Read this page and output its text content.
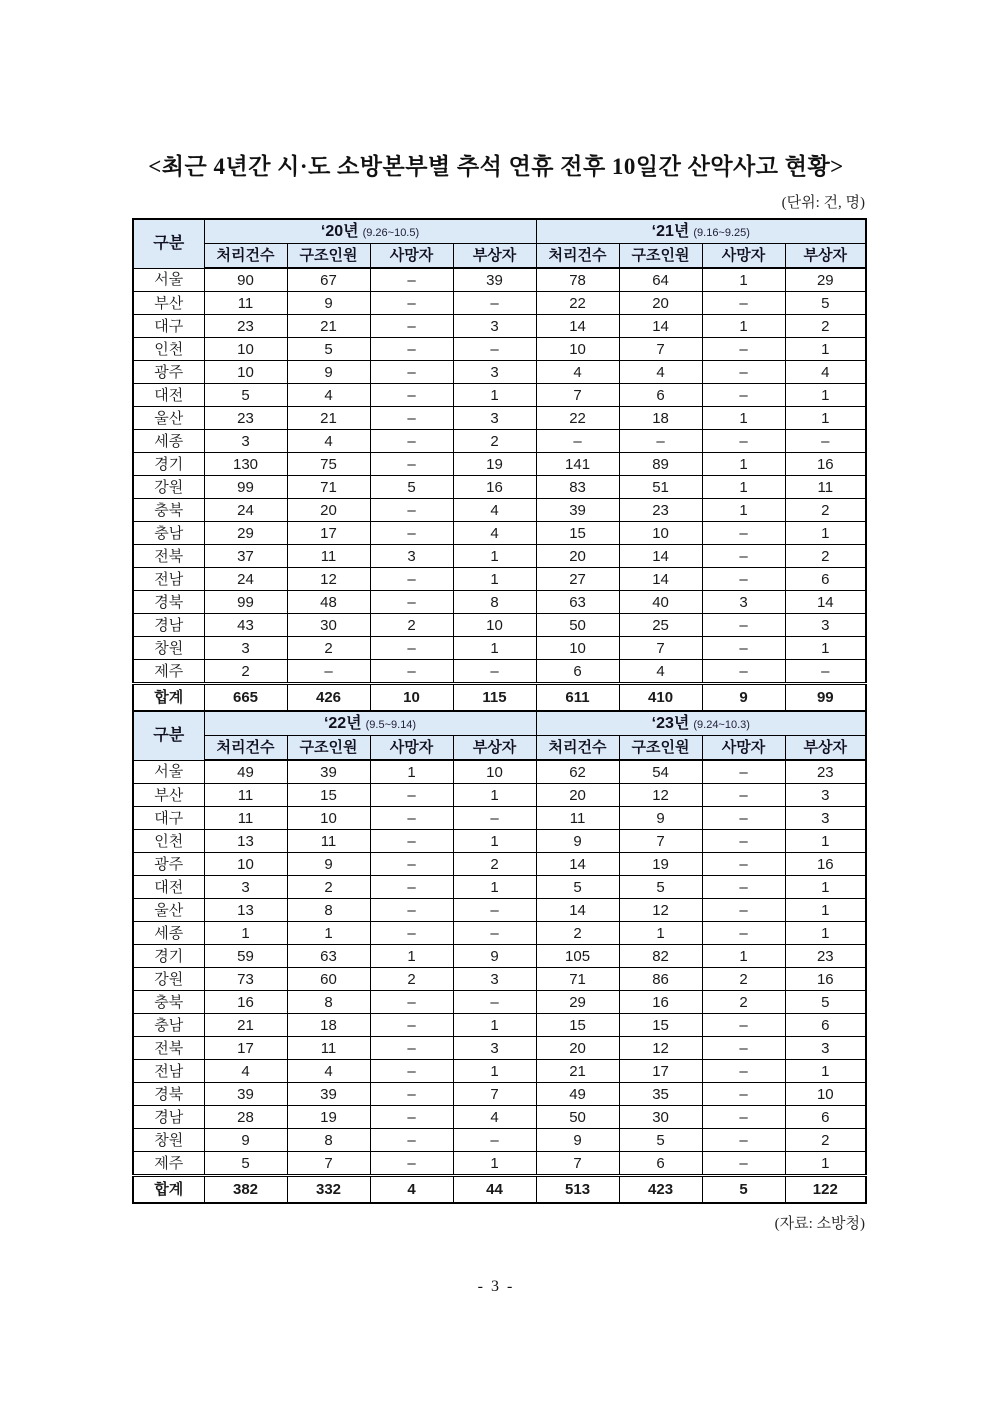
<최근 4년간 시·도 소방본부별 추석 연휴 전후 10일간 산악사고 현황>
(단위: 건, 명)
구분	‘20년 (9.26~10.5)				‘21년 (9.16~9.25)			
	처리건수	구조인원	사망자	부상자	처리건수	구조인원	사망자	부상자
서울	90	67	–	39	78	64	1	29
부산	11	9	–	–	22	20	–	5
대구	23	21	–	3	14	14	1	2
인천	10	5	–	–	10	7	–	1
광주	10	9	–	3	4	4	–	4
대전	5	4	–	1	7	6	–	1
울산	23	21	–	3	22	18	1	1
세종	3	4	–	2	–	–	–	–
경기	130	75	–	19	141	89	1	16
강원	99	71	5	16	83	51	1	11
충북	24	20	–	4	39	23	1	2
충남	29	17	–	4	15	10	–	1
전북	37	11	3	1	20	14	–	2
전남	24	12	–	1	27	14	–	6
경북	99	48	–	8	63	40	3	14
경남	43	30	2	10	50	25	–	3
창원	3	2	–	1	10	7	–	1
제주	2	–	–	–	6	4	–	–
합계	665	426	10	115	611	410	9	99
구분	‘22년 (9.5~9.14)				‘23년 (9.24~10.3)			
	처리건수	구조인원	사망자	부상자	처리건수	구조인원	사망자	부상자
서울	49	39	1	10	62	54	–	23
부산	11	15	–	1	20	12	–	3
대구	11	10	–	–	11	9	–	3
인천	13	11	–	1	9	7	–	1
광주	10	9	–	2	14	19	–	16
대전	3	2	–	1	5	5	–	1
울산	13	8	–	–	14	12	–	1
세종	1	1	–	–	2	1	–	1
경기	59	63	1	9	105	82	1	23
강원	73	60	2	3	71	86	2	16
충북	16	8	–	–	29	16	2	5
충남	21	18	–	1	15	15	–	6
전북	17	11	–	3	20	12	–	3
전남	4	4	–	1	21	17	–	1
경북	39	39	–	7	49	35	–	10
경남	28	19	–	4	50	30	–	6
창원	9	8	–	–	9	5	–	2
제주	5	7	–	1	7	6	–	1
합계	382	332	4	44	513	423	5	122
(자료: 소방청)
- 3 -
